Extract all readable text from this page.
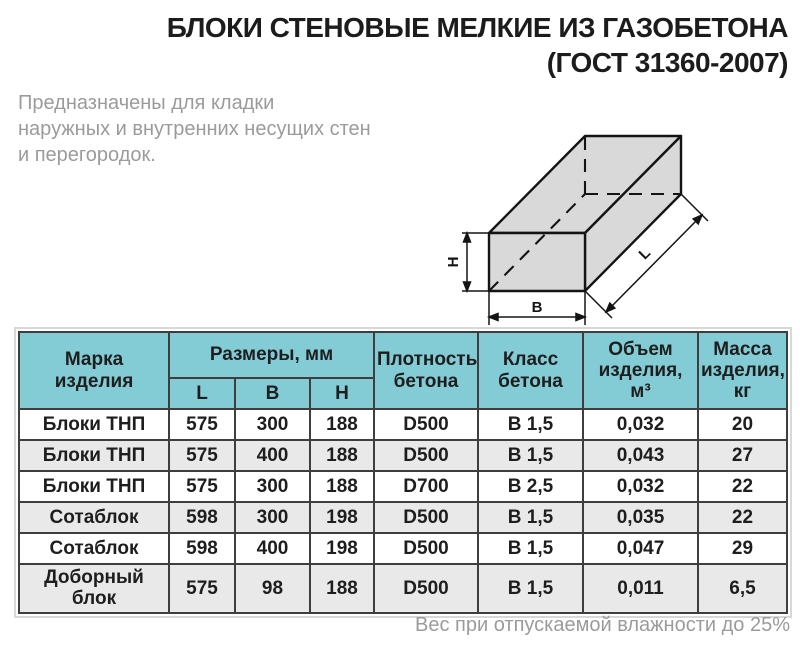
БЛОКИ СТЕНОВЫЕ МЕЛКИЕ ИЗ ГАЗОБЕТОНА
(ГОСТ 31360-2007)
Предназначены для кладки
наружных и внутренних несущих стен
и перегородок.
H
B
L
Марка изделия	Размеры, мм			Плотность бетона	Класс бетона	Объем изделия, м³	Масса изделия, кг
	L	B	H				
Блоки ТНП	575	300	188	D500	В 1,5	0,032	20
Блоки ТНП	575	400	188	D500	В 1,5	0,043	27
Блоки ТНП	575	300	188	D700	В 2,5	0,032	22
Сотаблок	598	300	198	D500	В 1,5	0,035	22
Сотаблок	598	400	198	D500	В 1,5	0,047	29
Доборный блок	575	98	188	D500	В 1,5	0,011	6,5
Вес при отпускаемой влажности до 25%
